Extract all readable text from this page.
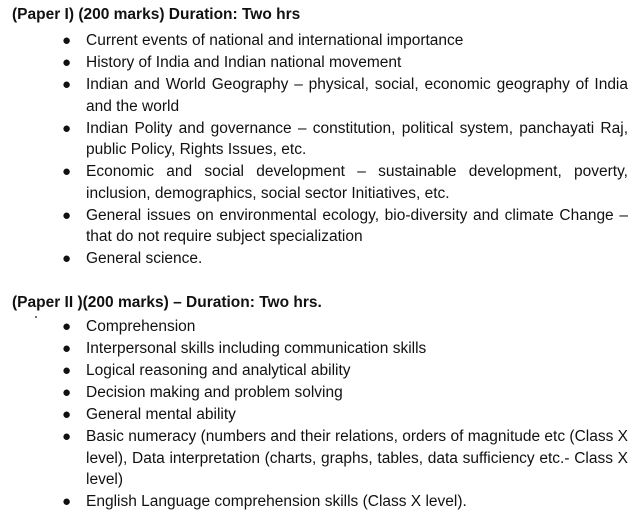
(Paper I) (200 marks) Duration: Two hrs
● Current events of national and international importance
● History of India and Indian national movement
● Indian and World Geography – physical, social, economic geography of India and the world
● Indian Polity and governance – constitution, political system, panchayati Raj, public Policy, Rights Issues, etc.
● Economic and social development – sustainable development, poverty, inclusion, demographics, social sector Initiatives, etc.
● General issues on environmental ecology, bio-diversity and climate Change – that do not require subject specialization
● General science.
(Paper II )(200 marks) – Duration: Two hrs.
● Comprehension
● Interpersonal skills including communication skills
● Logical reasoning and analytical ability
● Decision making and problem solving
● General mental ability
● Basic numeracy (numbers and their relations, orders of magnitude etc (Class X level), Data interpretation (charts, graphs, tables, data sufficiency etc.- Class X level)
● English Language comprehension skills (Class X level).
